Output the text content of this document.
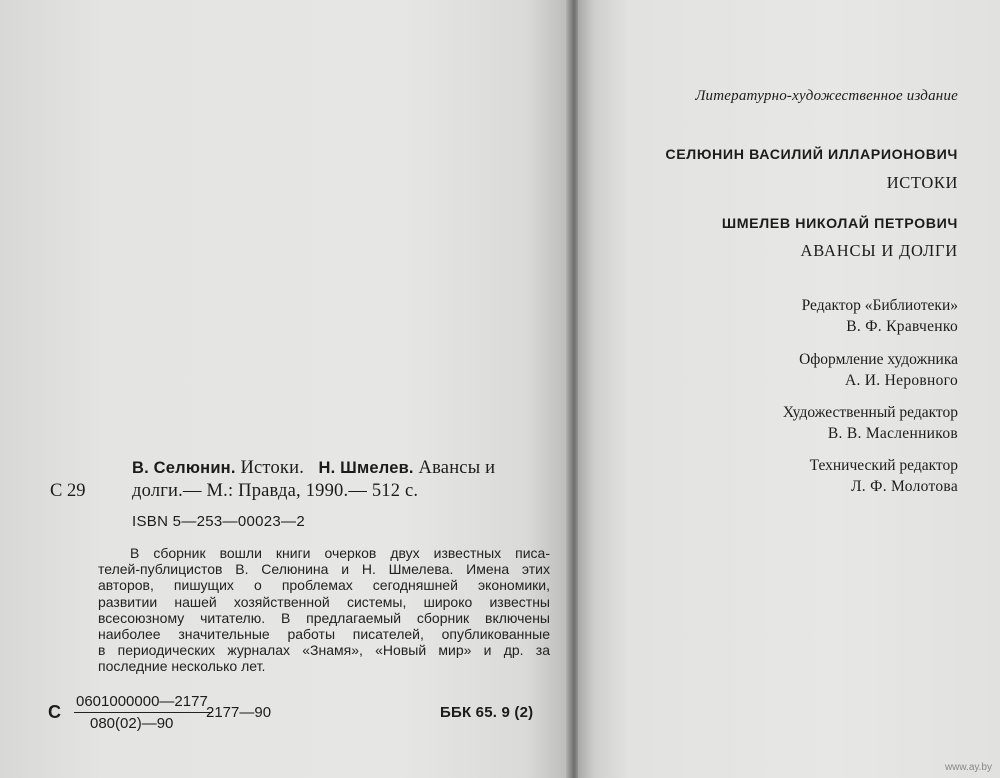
В. Селюнин. Истоки. Н. Шмелев. Авансы и
С 29	долги.— М.: Правда, 1990.— 512 с.
ISBN 5—253—00023—2
В сборник вошли книги очерков двух известных писа-
телей-публицистов В. Селюнина и Н. Шмелева. Имена этих
авторов, пишущих о проблемах сегодняшней экономики,
развитии нашей хозяйственной системы, широко известны
всесоюзному читателю. В предлагаемый сборник включены
наиболее значительные работы писателей, опубликованные
в периодических журналах «Знамя», «Новый мир» и др. за
последние несколько лет.
С $\frac{0601000000—2177}{080(02)—90}$
2177—90	ББК 65. 9 (2)
Литературно-художественное издание
СЕЛЮНИН ВАСИЛИЙ ИЛЛАРИОНОВИЧ
ИСТОКИ
ШМЕЛЕВ НИКОЛАЙ ПЕТРОВИЧ
АВАНСЫ И ДОЛГИ
Редактор «Библиотеки»
В. Ф. Кравченко
Оформление художника
А. И. Неровного
Художественный редактор
В. В. Масленников
Технический редактор
Л. Ф. Молотова
www.ay.by
